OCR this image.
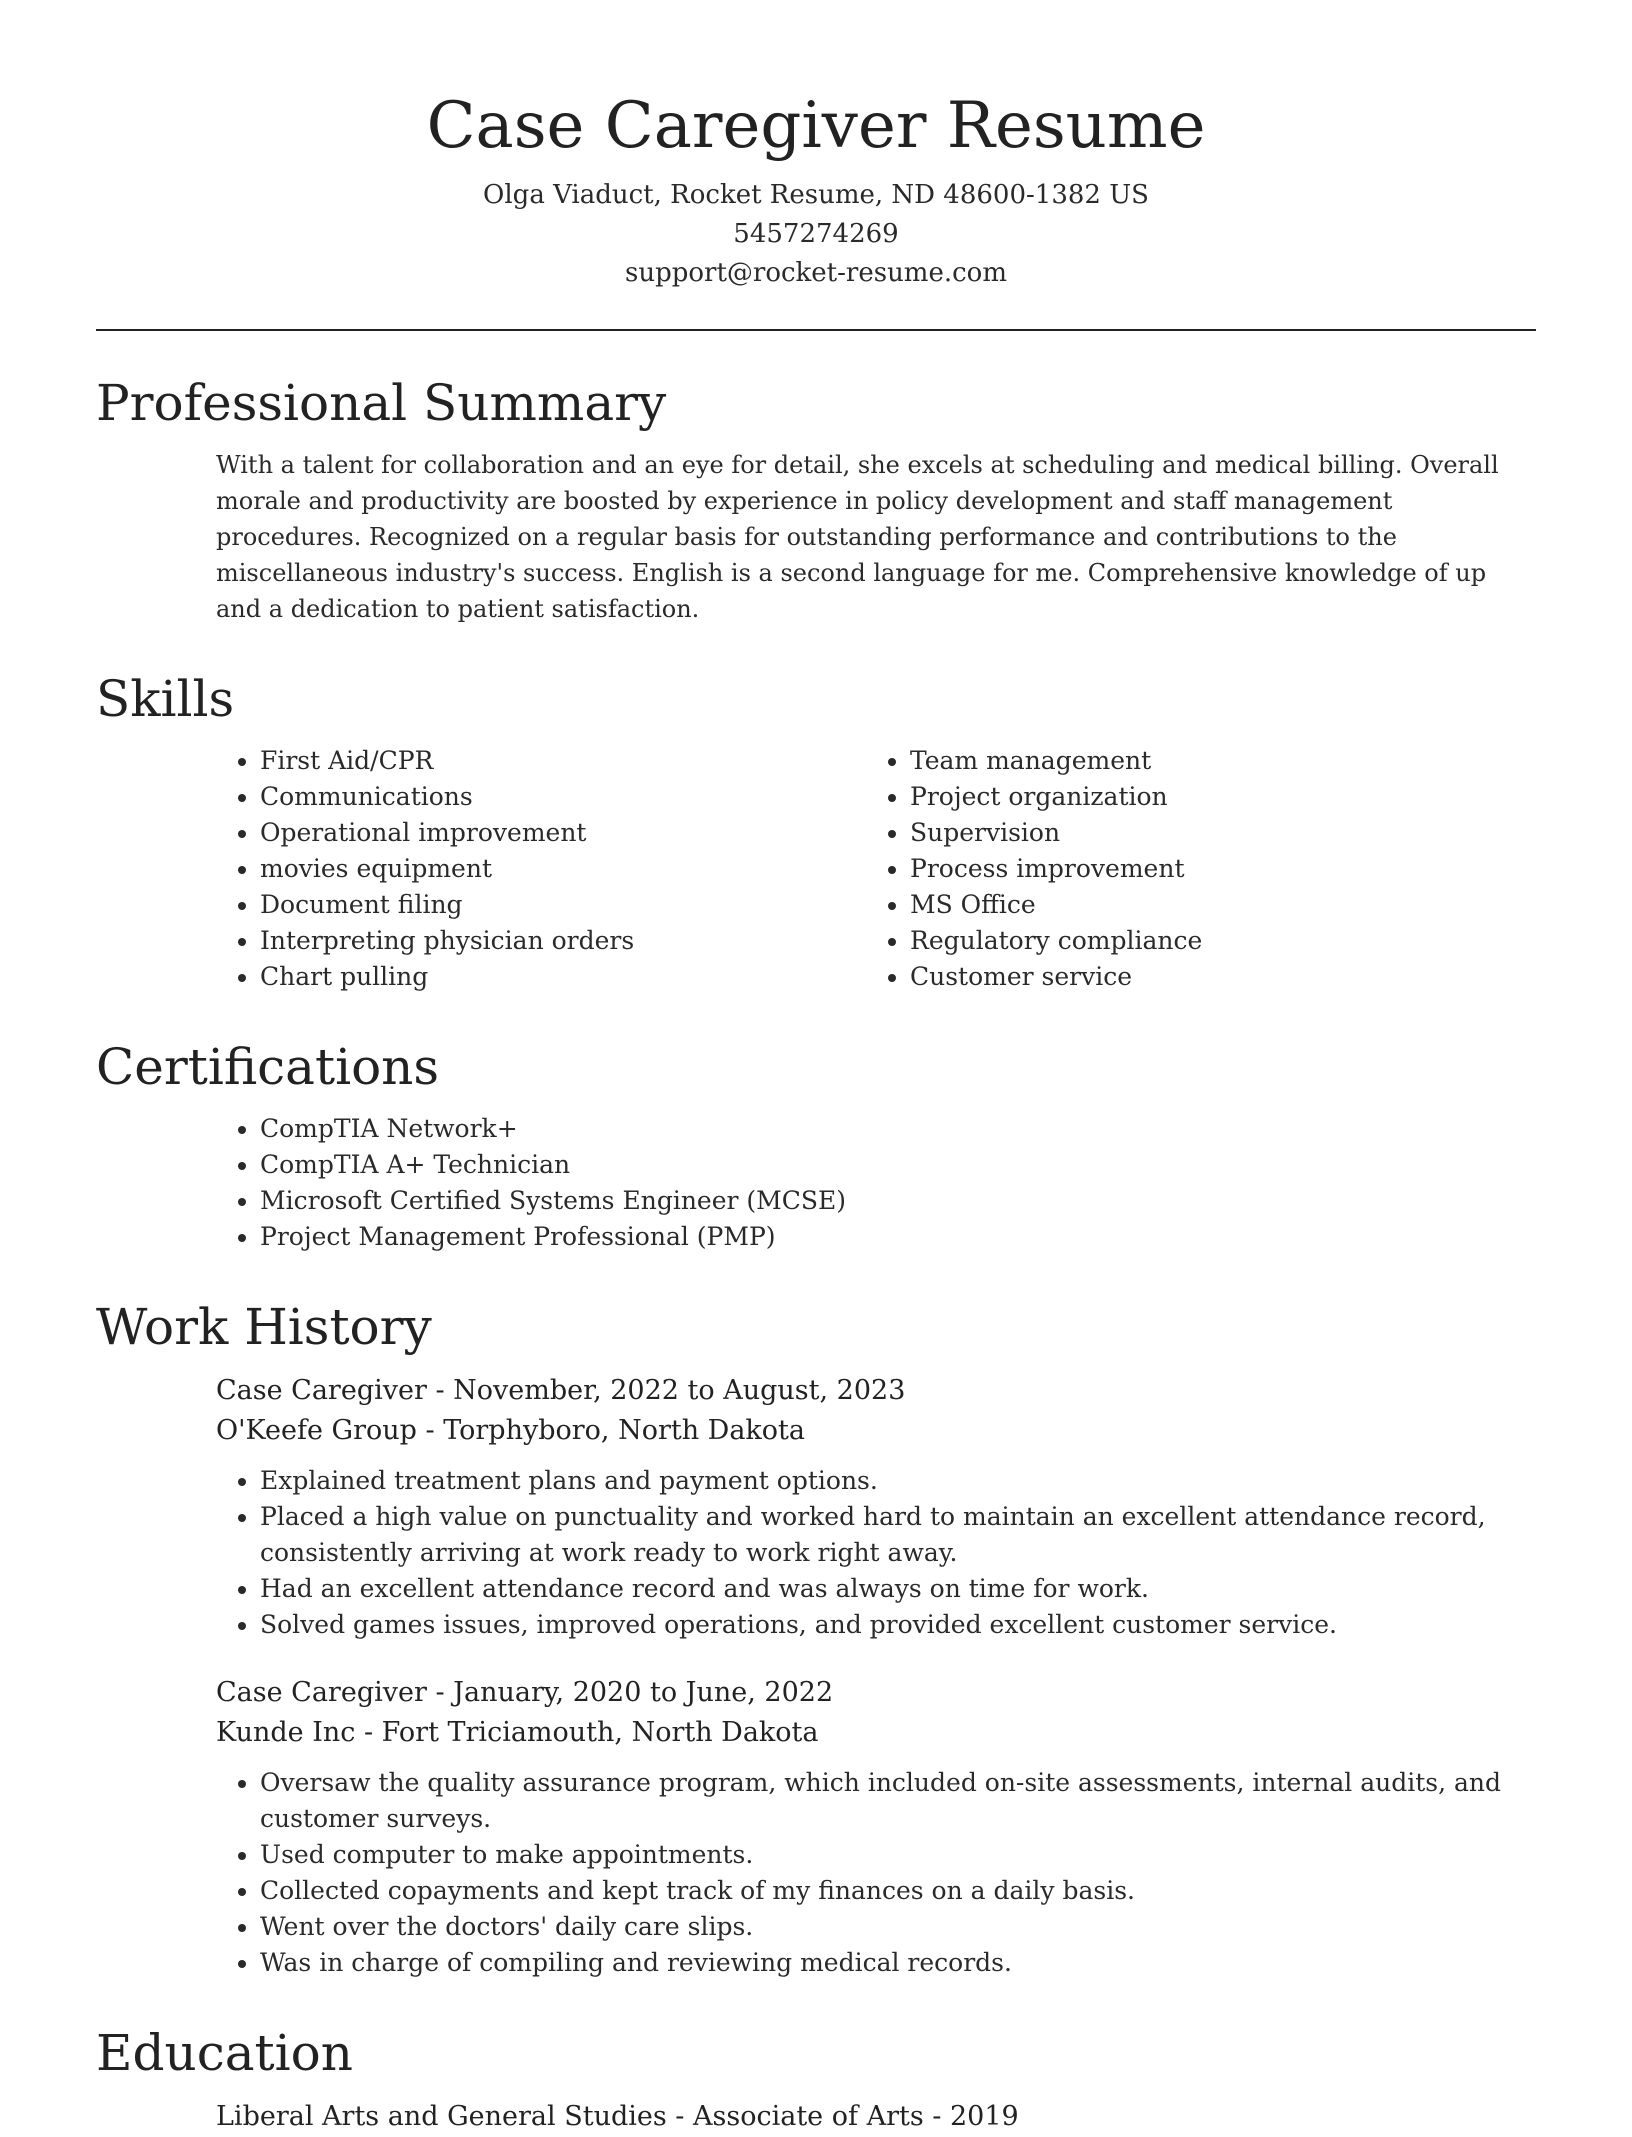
Case Caregiver Resume
Olga Viaduct, Rocket Resume, ND 48600-1382 US
5457274269
support@rocket-resume.com
Professional Summary

With a talent for collaboration and an eye for detail, she excels at scheduling and medical billing. Overall morale and productivity are boosted by experience in policy development and staff management procedures. Recognized on a regular basis for outstanding performance and contributions to the miscellaneous industry's success. English is a second language for me. Comprehensive knowledge of up and a dedication to patient satisfaction.

Skills
• First Aid/CPR
• Communications
• Operational improvement
• movies equipment
• Document filing
• Interpreting physician orders
• Chart pulling
• Team management
• Project organization
• Supervision
• Process improvement
• MS Office
• Regulatory compliance
• Customer service
Certifications
• CompTIA Network+
• CompTIA A+ Technician
• Microsoft Certified Systems Engineer (MCSE)
• Project Management Professional (PMP)
Work History
Case Caregiver - November, 2022 to August, 2023
O'Keefe Group - Torphyboro, North Dakota
• Explained treatment plans and payment options.
• Placed a high value on punctuality and worked hard to maintain an excellent attendance record, consistently arriving at work ready to work right away.
• Had an excellent attendance record and was always on time for work.
• Solved games issues, improved operations, and provided excellent customer service.
Case Caregiver - January, 2020 to June, 2022
Kunde Inc - Fort Triciamouth, North Dakota
• Oversaw the quality assurance program, which included on-site assessments, internal audits, and customer surveys.
• Used computer to make appointments.
• Collected copayments and kept track of my finances on a daily basis.
• Went over the doctors' daily care slips.
• Was in charge of compiling and reviewing medical records.
Education
Liberal Arts and General Studies - Associate of Arts - 2019
